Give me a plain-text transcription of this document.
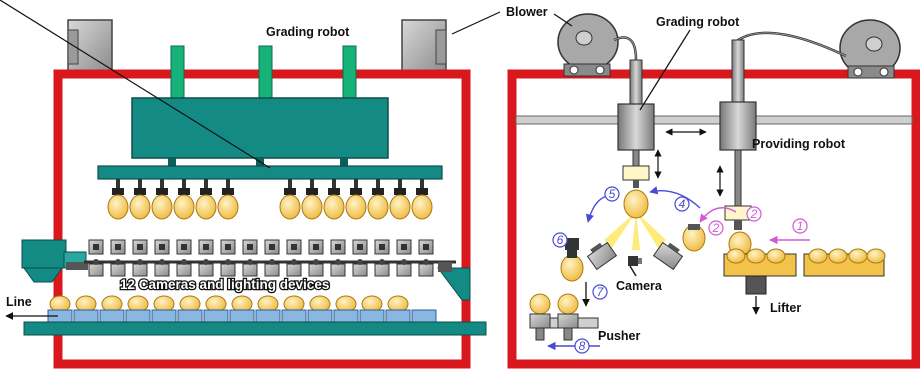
Grading robot
12 Cameras and lighting devices
Line
Blower
Grading robot
Providing robot
Camera
Lifter
Pusher
1
2
2
4
5
6
7
8
